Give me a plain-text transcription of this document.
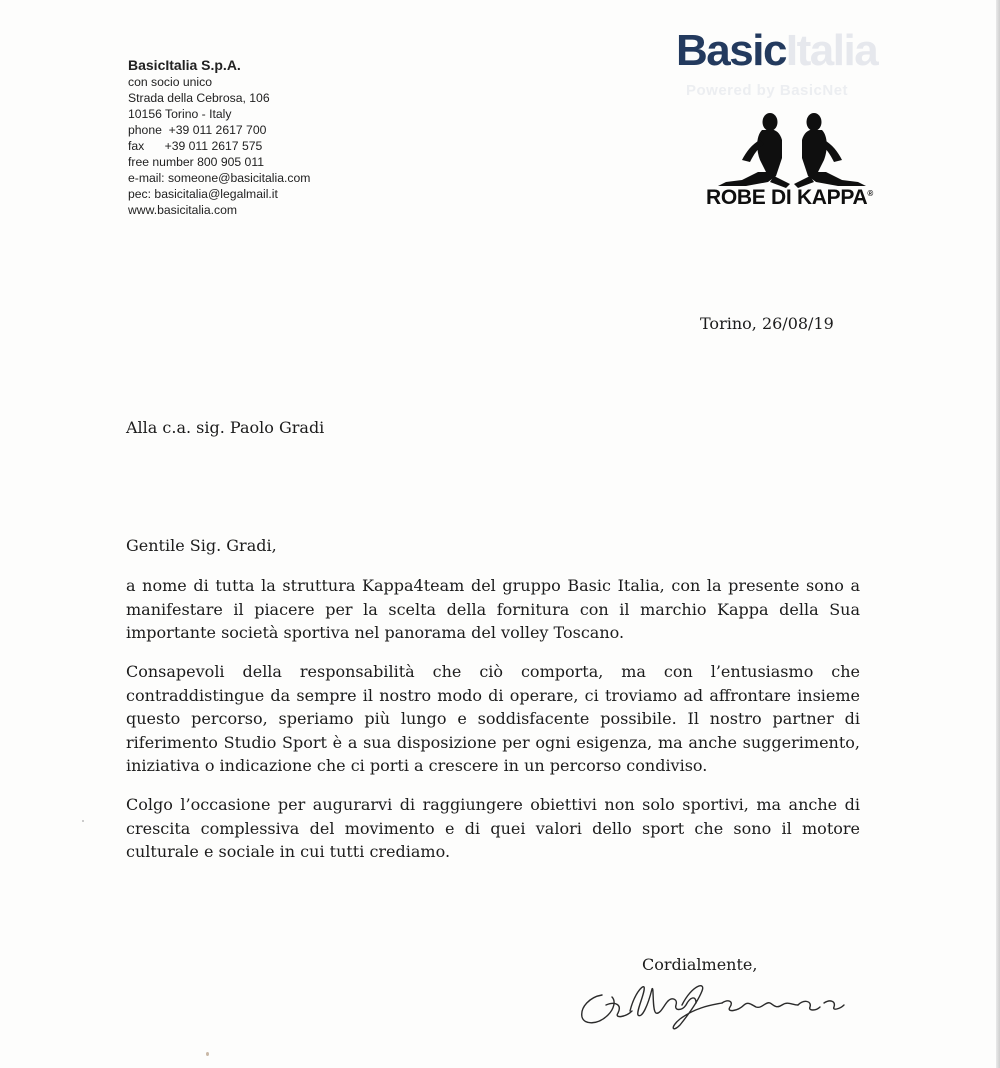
BasicItalia S.p.A.
con socio unico
Strada della Cebrosa, 106
10156 Torino - Italy
phone  +39 011 2617 700
fax      +39 011 2617 575
free number 800 905 011
e-mail: someone@basicitalia.com
pec: basicitalia@legalmail.it
www.basicitalia.com
BasicItalia
Powered by BasicNet
ROBE DI KAPPA®
Torino, 26/08/19
Alla c.a. sig. Paolo Gradi
Gentile Sig. Gradi,
a nome di tutta la struttura Kappa4team del gruppo Basic Italia, con la presente sono a manifestare il piacere per la scelta della fornitura con il marchio Kappa della Sua importante società sportiva nel panorama del volley Toscano.
Consapevoli della responsabilità che ciò comporta, ma con l’entusiasmo che contraddistingue da sempre il nostro modo di operare, ci troviamo ad affrontare insieme questo percorso, speriamo più lungo e soddisfacente possibile. Il nostro partner di riferimento Studio Sport è a sua disposizione per ogni esigenza, ma anche suggerimento, iniziativa o indicazione che ci porti a crescere in un percorso condiviso.
Colgo l’occasione per augurarvi di raggiungere obiettivi non solo sportivi, ma anche di crescita complessiva del movimento e di quei valori dello sport che sono il motore culturale e sociale in cui tutti crediamo.
Cordialmente,
